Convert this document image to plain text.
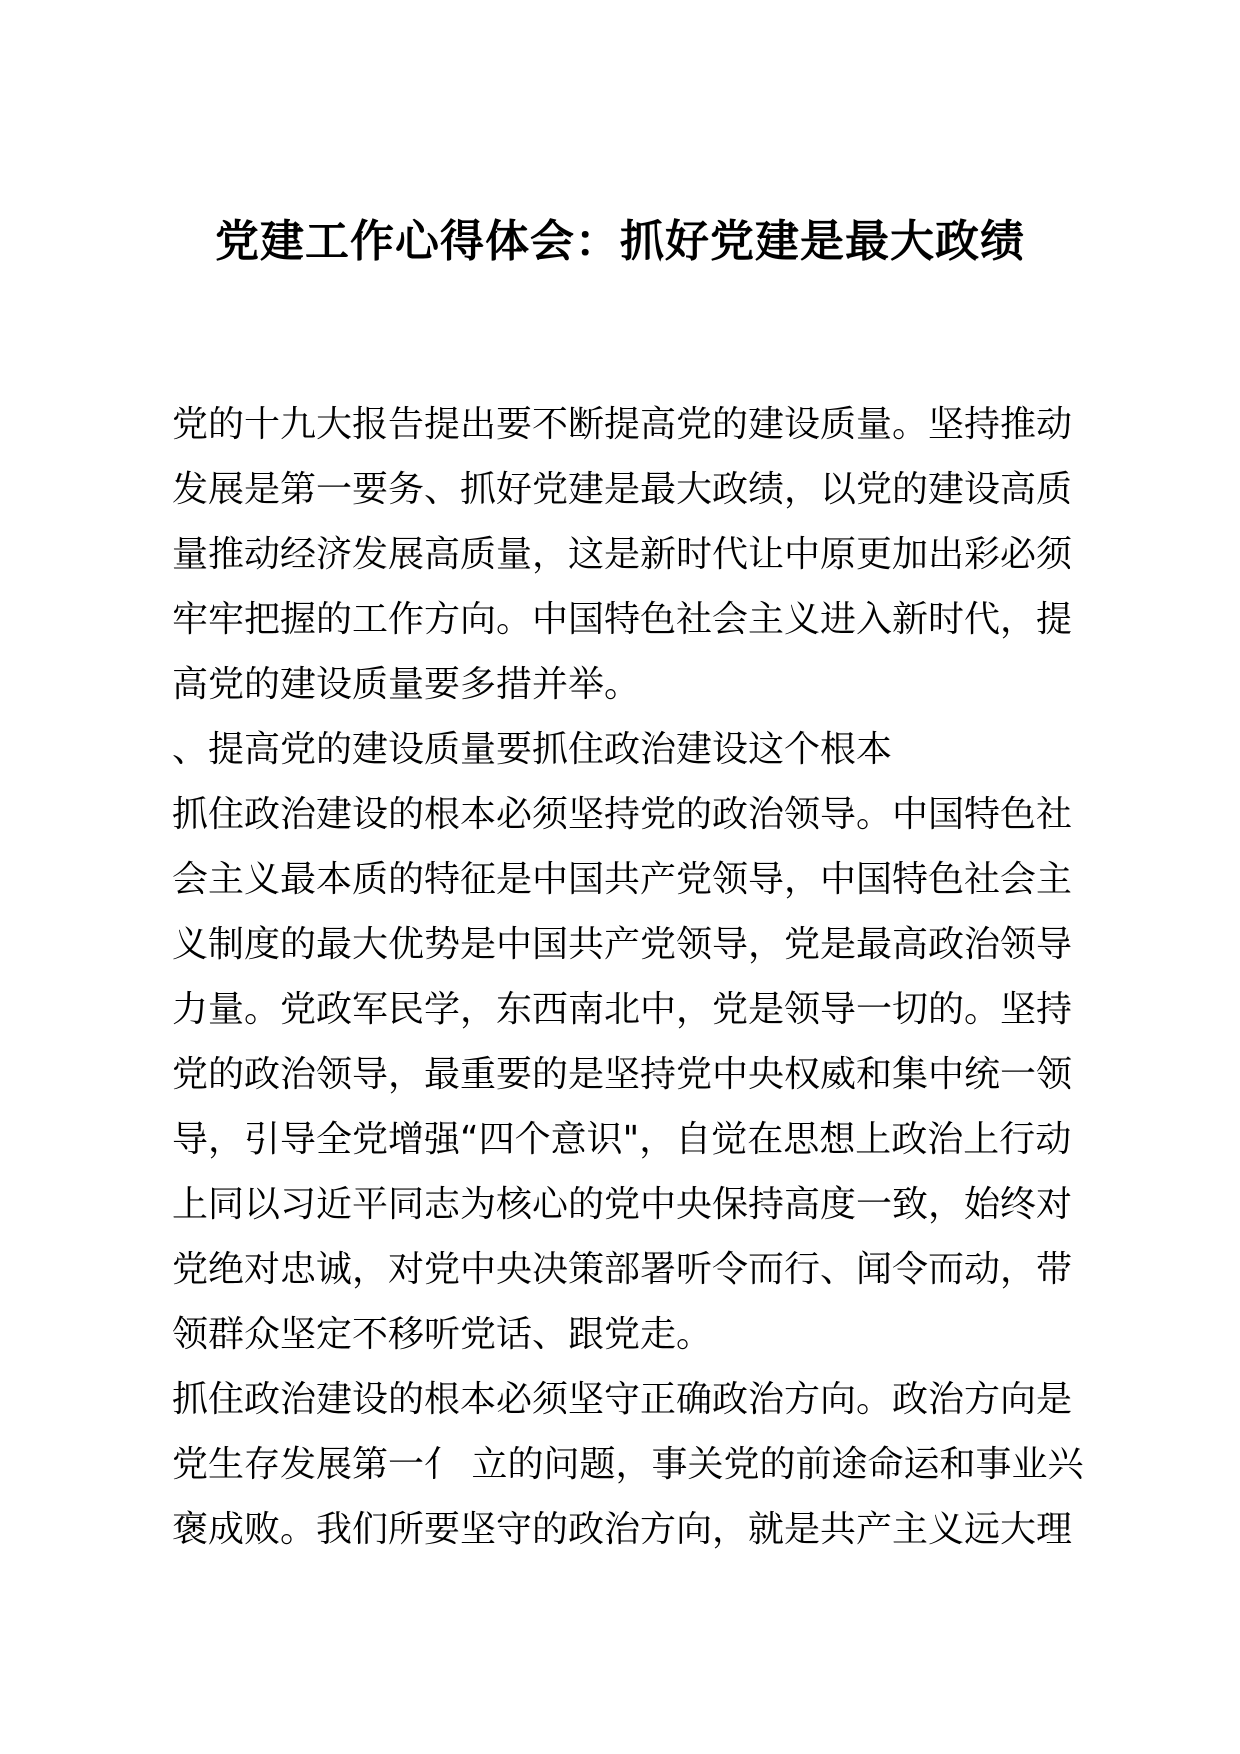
党建工作心得体会：抓好党建是最大政绩
党的十九大报告提出要不断提高党的建设质量。坚持推动
发展是第一要务、抓好党建是最大政绩，以党的建设高质
量推动经济发展高质量，这是新时代让中原更加出彩必须
牢牢把握的工作方向。中国特色社会主义进入新时代，提
高党的建设质量要多措并举。
、提高党的建设质量要抓住政治建设这个根本
抓住政治建设的根本必须坚持党的政治领导。中国特色社
会主义最本质的特征是中国共产党领导，中国特色社会主
义制度的最大优势是中国共产党领导，党是最高政治领导
力量。党政军民学，东西南北中，党是领导一切的。坚持
党的政治领导，最重要的是坚持党中央权威和集中统一领
导，引导全党增强“四个意识"，自觉在思想上政治上行动
上同以习近平同志为核心的党中央保持高度一致，始终对
党绝对忠诚，对党中央决策部署听令而行、闻令而动，带
领群众坚定不移听党话、跟党走。
抓住政治建设的根本必须坚守正确政治方向。政治方向是
党生存发展第一亻 立的问题，事关党的前途命运和事业兴
褒成败。我们所要坚守的政治方向，就是共产主义远大理
